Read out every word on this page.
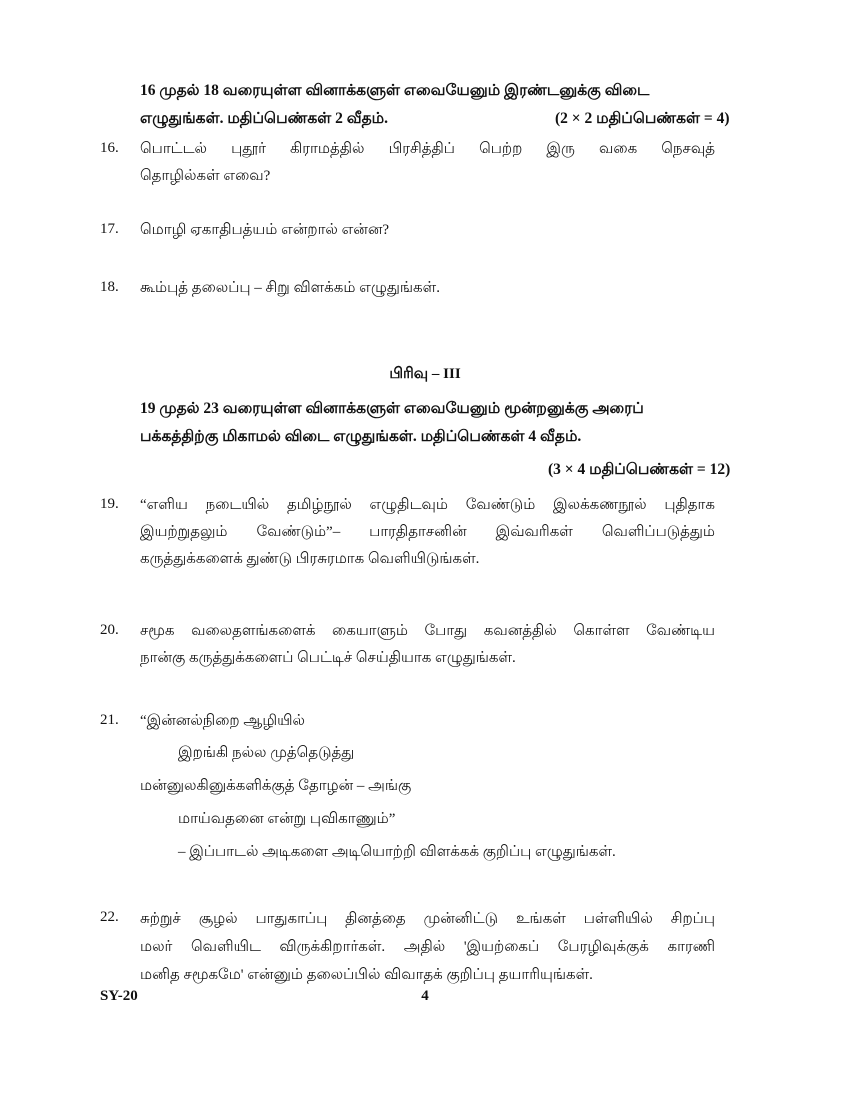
16 முதல் 18 வரையுள்ள வினாக்களுள் எவையேனும் இரண்டனுக்கு விடை
எழுதுங்கள். மதிப்பெண்கள் 2 வீதம்.	(2 × 2 மதிப்பெண்கள் = 4)
16. பொட்டல் புதூர் கிராமத்தில் பிரசித்திப் பெற்ற இரு வகை நெசவுத்
தொழில்கள் எவை?
17. மொழி ஏகாதிபத்யம் என்றால் என்ன?
18. கூம்புத் தலைப்பு – சிறு விளக்கம் எழுதுங்கள்.
பிரிவு – III
19 முதல் 23 வரையுள்ள வினாக்களுள் எவையேனும் மூன்றனுக்கு அரைப்
பக்கத்திற்கு மிகாமல் விடை எழுதுங்கள். மதிப்பெண்கள் 4 வீதம்.
(3 × 4 மதிப்பெண்கள் = 12)
19. “எளிய நடையில் தமிழ்நூல் எழுதிடவும் வேண்டும் இலக்கணநூல் புதிதாக
இயற்றுதலும் வேண்டும்”– பாரதிதாசனின் இவ்வரிகள் வெளிப்படுத்தும்
கருத்துக்களைக் துண்டு பிரசுரமாக வெளியிடுங்கள்.
20. சமூக வலைதளங்களைக் கையாளும் போது கவனத்தில் கொள்ள வேண்டிய
நான்கு கருத்துக்களைப் பெட்டிச் செய்தியாக எழுதுங்கள்.
21. “இன்னல்நிறை ஆழியில்
இறங்கி நல்ல முத்தெடுத்து
மன்னுலகினுக்களிக்குத் தோழன் – அங்கு
மாய்வதனை என்று புவிகாணும்”
– இப்பாடல் அடிகளை அடியொற்றி விளக்கக் குறிப்பு எழுதுங்கள்.
22. சுற்றுச் சூழல் பாதுகாப்பு தினத்தை முன்னிட்டு உங்கள் பள்ளியில் சிறப்பு
மலர் வெளியிட விருக்கிறார்கள். அதில் 'இயற்கைப் பேரழிவுக்குக் காரணி
மனித சமூகமே' என்னும் தலைப்பில் விவாதக் குறிப்பு தயாரியுங்கள்.
SY-20	4
